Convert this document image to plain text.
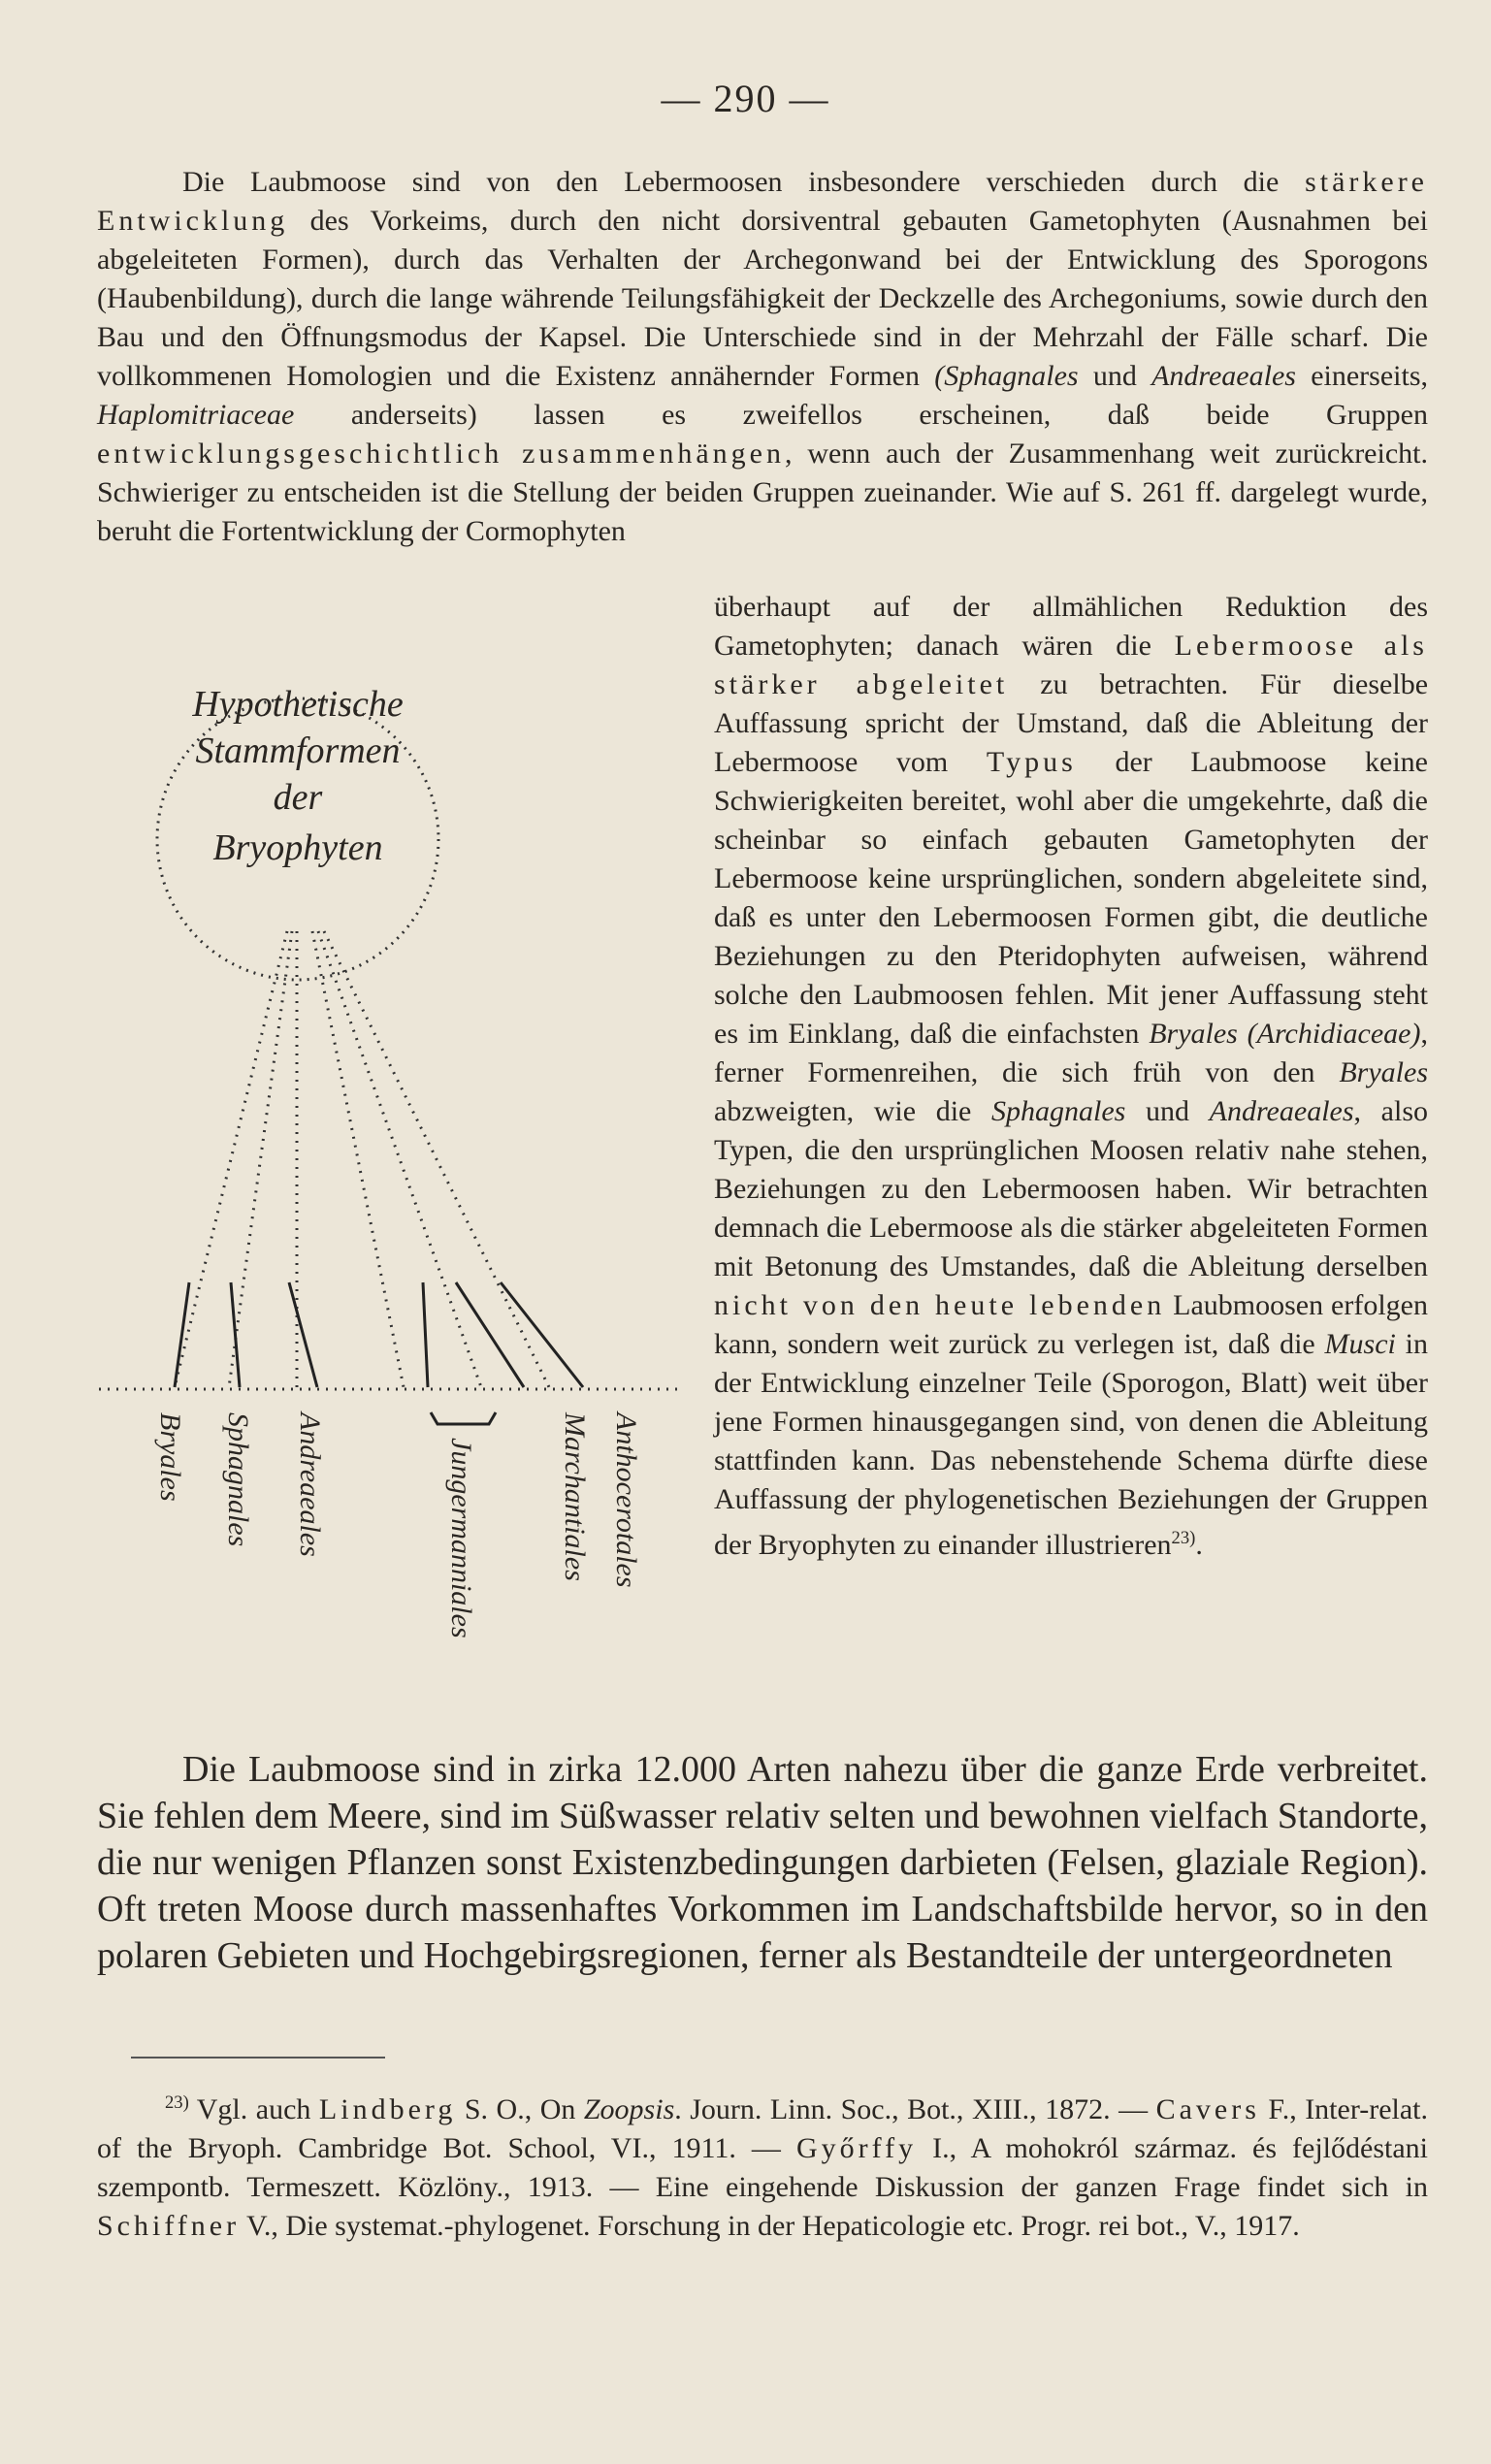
— 290 —

Die Laubmoose sind von den Lebermoosen insbesondere verschieden durch die stärkere Entwicklung des Vorkeims, durch den nicht dorsiventral gebauten Gametophyten (Ausnahmen bei abgeleiteten Formen), durch das Verhalten der Archegonwand bei der Entwicklung des Sporogons (Haubenbildung), durch die lange währende Teilungsfähigkeit der Deckzelle des Archegoniums, sowie durch den Bau und den Öffnungsmodus der Kapsel. Die Unterschiede sind in der Mehrzahl der Fälle scharf. Die vollkommenen Homologien und die Existenz annähernder Formen (Sphagnales und Andreaeales einerseits, Haplomitriaceae anderseits) lassen es zweifellos erscheinen, daß beide Gruppen entwicklungsgeschichtlich zusammenhängen, wenn auch der Zusammenhang weit zurückreicht. Schwieriger zu entscheiden ist die Stellung der beiden Gruppen zueinander. Wie auf S. 261 ff. dargelegt wurde, beruht die Fortentwicklung der Cormophyten

Hypothetische
Stammformen
der
Bryophyten
Bryales Sphagnales Andreaeales	Jungermanniales	Marchantiales Anthocerotales

überhaupt auf der allmählichen Reduktion des Gametophyten; danach wären die Lebermoose als stärker abgeleitet zu betrachten. Für dieselbe Auffassung spricht der Umstand, daß die Ableitung der Lebermoose vom Typus der Laubmoose keine Schwierigkeiten bereitet, wohl aber die umgekehrte, daß die scheinbar so einfach gebauten Gametophyten der Lebermoose keine ursprünglichen, sondern abgeleitete sind, daß es unter den Lebermoosen Formen gibt, die deutliche Beziehungen zu den Pteridophyten aufweisen, während solche den Laubmoosen fehlen. Mit jener Auffassung steht es im Einklang, daß die einfachsten Bryales (Archidiaceae), ferner Formenreihen, die sich früh von den Bryales abzweigten, wie die Sphagnales und Andreaeales, also Typen, die den ursprünglichen Moosen relativ nahe stehen, Beziehungen zu den Lebermoosen haben. Wir betrachten demnach die Lebermoose als die stärker abgeleiteten Formen mit Betonung des Umstandes, daß die Ableitung derselben nicht von den heute lebenden Laubmoosen erfolgen kann, sondern weit zurück zu verlegen ist, daß die Musci in der Entwicklung einzelner Teile (Sporogon, Blatt) weit über jene Formen hinausgegangen sind, von denen die Ableitung stattfinden kann. Das nebenstehende Schema dürfte diese Auffassung der phylogenetischen Beziehungen der Gruppen der Bryophyten zu einander illustrieren$^{23)}$.

Die Laubmoose sind in zirka 12.000 Arten nahezu über die ganze Erde verbreitet. Sie fehlen dem Meere, sind im Süßwasser relativ selten und bewohnen vielfach Standorte, die nur wenigen Pflanzen sonst Existenzbedingungen darbieten (Felsen, glaziale Region). Oft treten Moose durch massenhaftes Vorkommen im Landschaftsbilde hervor, so in den polaren Gebieten und Hochgebirgsregionen, ferner als Bestandteile der untergeordneten

$^{23)}$ Vgl. auch Lindberg S. O., On Zoopsis. Journ. Linn. Soc., Bot., XIII., 1872. — Cavers F., Inter-relat. of the Bryoph. Cambridge Bot. School, VI., 1911. — Győrffy I., A mohokról származ. és fejlődéstani szempontb. Termeszett. Közlöny., 1913. — Eine eingehende Diskussion der ganzen Frage findet sich in Schiffner V., Die systemat.-phylogenet. Forschung in der Hepaticologie etc. Progr. rei bot., V., 1917.
